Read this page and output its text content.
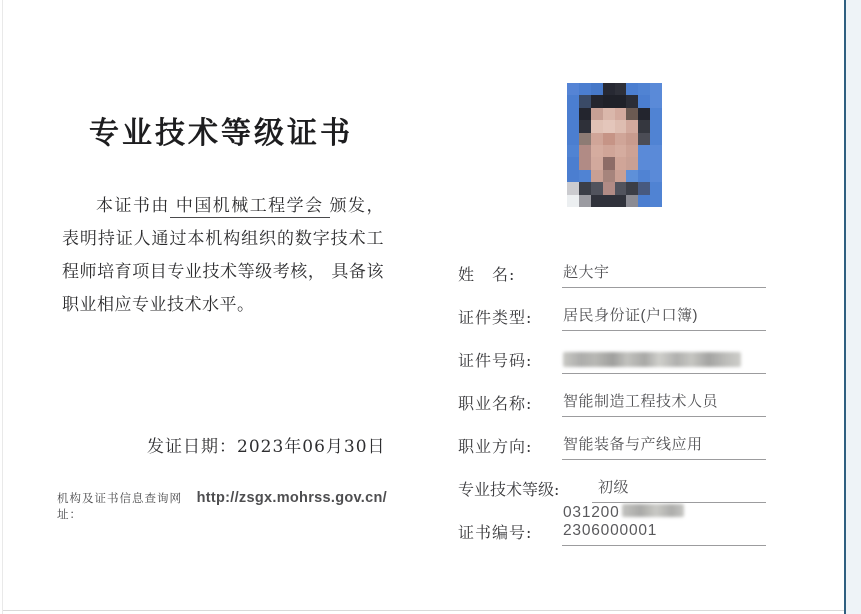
专业技术等级证书

本证书由 中国机械工程学会 颁发，表明持证人通过本机构组织的数字技术工程师培育项目专业技术等级考核， 具备该职业相应专业技术水平。

发证日期：2023年06月30日
机构及证书信息查询网址：
http://zsgx.mohrss.gov.cn/
姓　名:	赵大宇
证件类型:	居民身份证(户口簿)
证件号码:
职业名称:	智能制造工程技术人员
职业方向:	智能装备与产线应用
专业技术等级:	初级
证书编号:
0312002306000001
